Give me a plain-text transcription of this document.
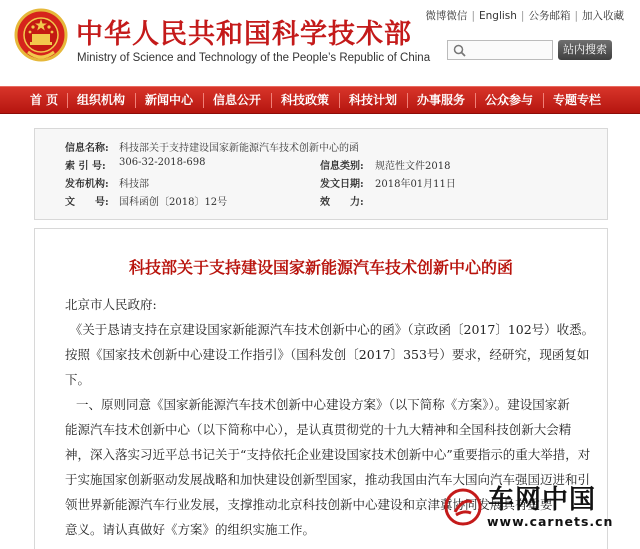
中华人民共和国科学技术部
Ministry of Science and Technology of the People’s Republic of China
微博微信 | English | 公务邮箱 | 加入收藏
站内搜索
首 页 组织机构 新闻中心 信息公开 科技政策 科技计划 办事服务 公众参与 专题专栏
信息名称: 科技部关于支持建设国家新能源汽车技术创新中心的函
索 引 号: 306-32-2018-698	信息类别: 规范性文件2018
发布机构: 科技部	发文日期: 2018年01月11日
文　　号: 国科函创〔2018〕12号	效　　力:
科技部关于支持建设国家新能源汽车技术创新中心的函
北京市人民政府:
　　《关于恳请支持在京建设国家新能源汽车技术创新中心的函》（京政函〔2017〕102号）收悉。
按照《国家技术创新中心建设工作指引》（国科发创〔2017〕353号）要求，经研究，现函复如
下。
　　一、原则同意《国家新能源汽车技术创新中心建设方案》（以下简称《方案》）。建设国家新
能源汽车技术创新中心（以下简称中心），是认真贯彻党的十九大精神和全国科技创新大会精
神，深入落实习近平总书记关于“支持依托企业建设国家技术创新中心”重要指示的重大举措，对
于实施国家创新驱动发展战略和加快建设创新型国家，推动我国由汽车大国向汽车强国迈进和引
领世界新能源汽车行业发展，支撑推动北京科技创新中心建设和京津冀协同发展具有重要
意义。请认真做好《方案》的组织实施工作。
车网中国
www.carnets.cn
